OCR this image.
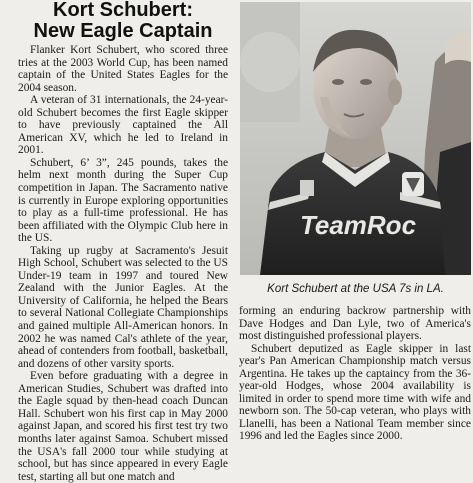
Kort Schubert:
New Eagle Captain

Flanker Kort Schubert, who scored three tries at the 2003 World Cup, has been named captain of the United States Eagles for the 2004 season.

A veteran of 31 internationals, the 24-year-old Schubert becomes the first Eagle skipper to have previously captained the All American XV, which he led to Ireland in 2001.

Schubert, 6’ 3”, 245 pounds, takes the helm next month during the Super Cup competition in Japan. The Sacramento native is currently in Europe exploring opportunities to play as a full-time professional. He has been affiliated with the Olympic Club here in the US.

Taking up rugby at Sacramento's Jesuit High School, Schubert was selected to the US Under-19 team in 1997 and toured New Zealand with the Junior Eagles. At the University of California, he helped the Bears to several National Collegiate Championships and gained multiple All-American honors. In 2002 he was named Cal's athlete of the year, ahead of contenders from football, basketball, and dozens of other varsity sports.

Even before graduating with a degree in American Studies, Schubert was drafted into the Eagle squad by then-head coach Duncan Hall. Schubert won his first cap in May 2000 against Japan, and scored his first test try two months later against Samoa. Schubert missed the USA's fall 2000 tour while studying at school, but has since appeared in every Eagle test, starting all but one match and

TeamRoc
Kort Schubert at the USA 7s in LA.

forming an enduring backrow partnership with Dave Hodges and Dan Lyle, two of America's most distinguished professional players.

Schubert deputized as Eagle skipper in last year's Pan American Championship match versus Argentina. He takes up the captaincy from the 36-year-old Hodges, whose 2004 availability is limited in order to spend more time with wife and newborn son. The 50-cap veteran, who plays with Llanelli, has been a National Team member since 1996 and led the Eagles since 2000.
